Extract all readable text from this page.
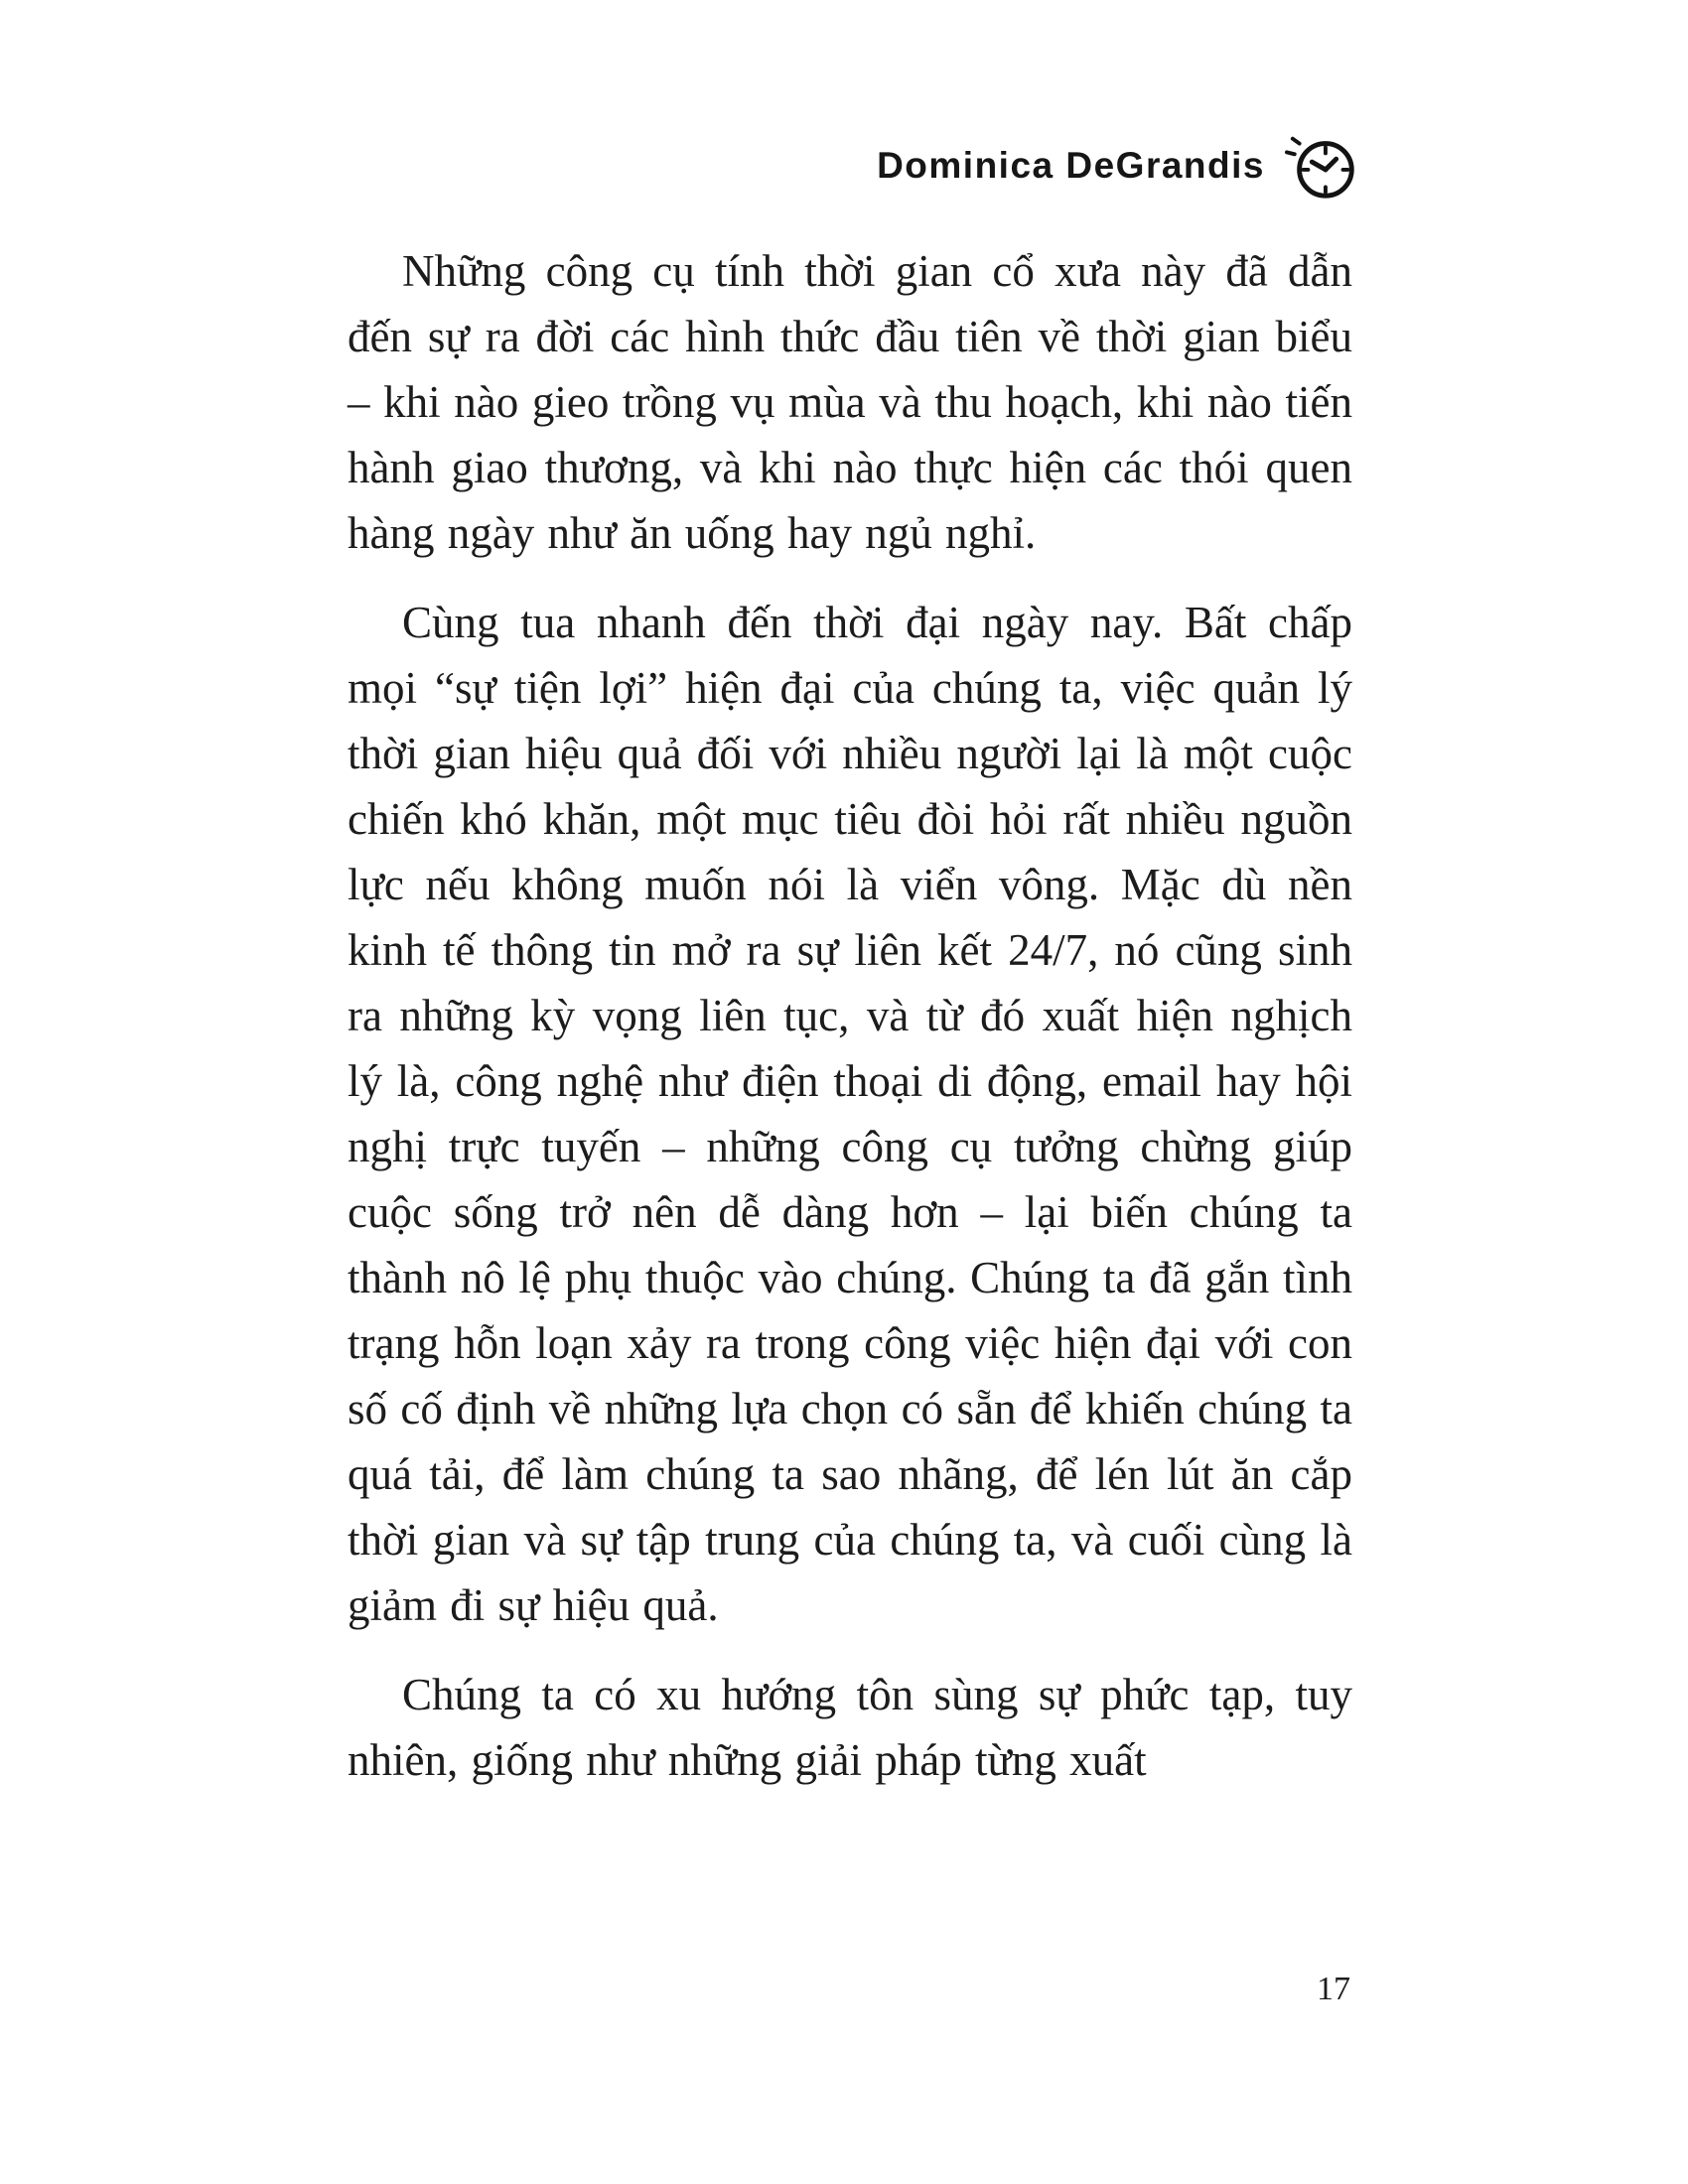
Dominica DeGrandis

Những công cụ tính thời gian cổ xưa này đã dẫn đến sự ra đời các hình thức đầu tiên về thời gian biểu – khi nào gieo trồng vụ mùa và thu hoạch, khi nào tiến hành giao thương, và khi nào thực hiện các thói quen hàng ngày như ăn uống hay ngủ nghỉ.

Cùng tua nhanh đến thời đại ngày nay. Bất chấp mọi “sự tiện lợi” hiện đại của chúng ta, việc quản lý thời gian hiệu quả đối với nhiều người lại là một cuộc chiến khó khăn, một mục tiêu đòi hỏi rất nhiều nguồn lực nếu không muốn nói là viển vông. Mặc dù nền kinh tế thông tin mở ra sự liên kết 24/7, nó cũng sinh ra những kỳ vọng liên tục, và từ đó xuất hiện nghịch lý là, công nghệ như điện thoại di động, email hay hội nghị trực tuyến – những công cụ tưởng chừng giúp cuộc sống trở nên dễ dàng hơn – lại biến chúng ta thành nô lệ phụ thuộc vào chúng. Chúng ta đã gắn tình trạng hỗn loạn xảy ra trong công việc hiện đại với con số cố định về những lựa chọn có sẵn để khiến chúng ta quá tải, để làm chúng ta sao nhãng, để lén lút ăn cắp thời gian và sự tập trung của chúng ta, và cuối cùng là giảm đi sự hiệu quả.

Chúng ta có xu hướng tôn sùng sự phức tạp, tuy nhiên, giống như những giải pháp từng xuất

17
